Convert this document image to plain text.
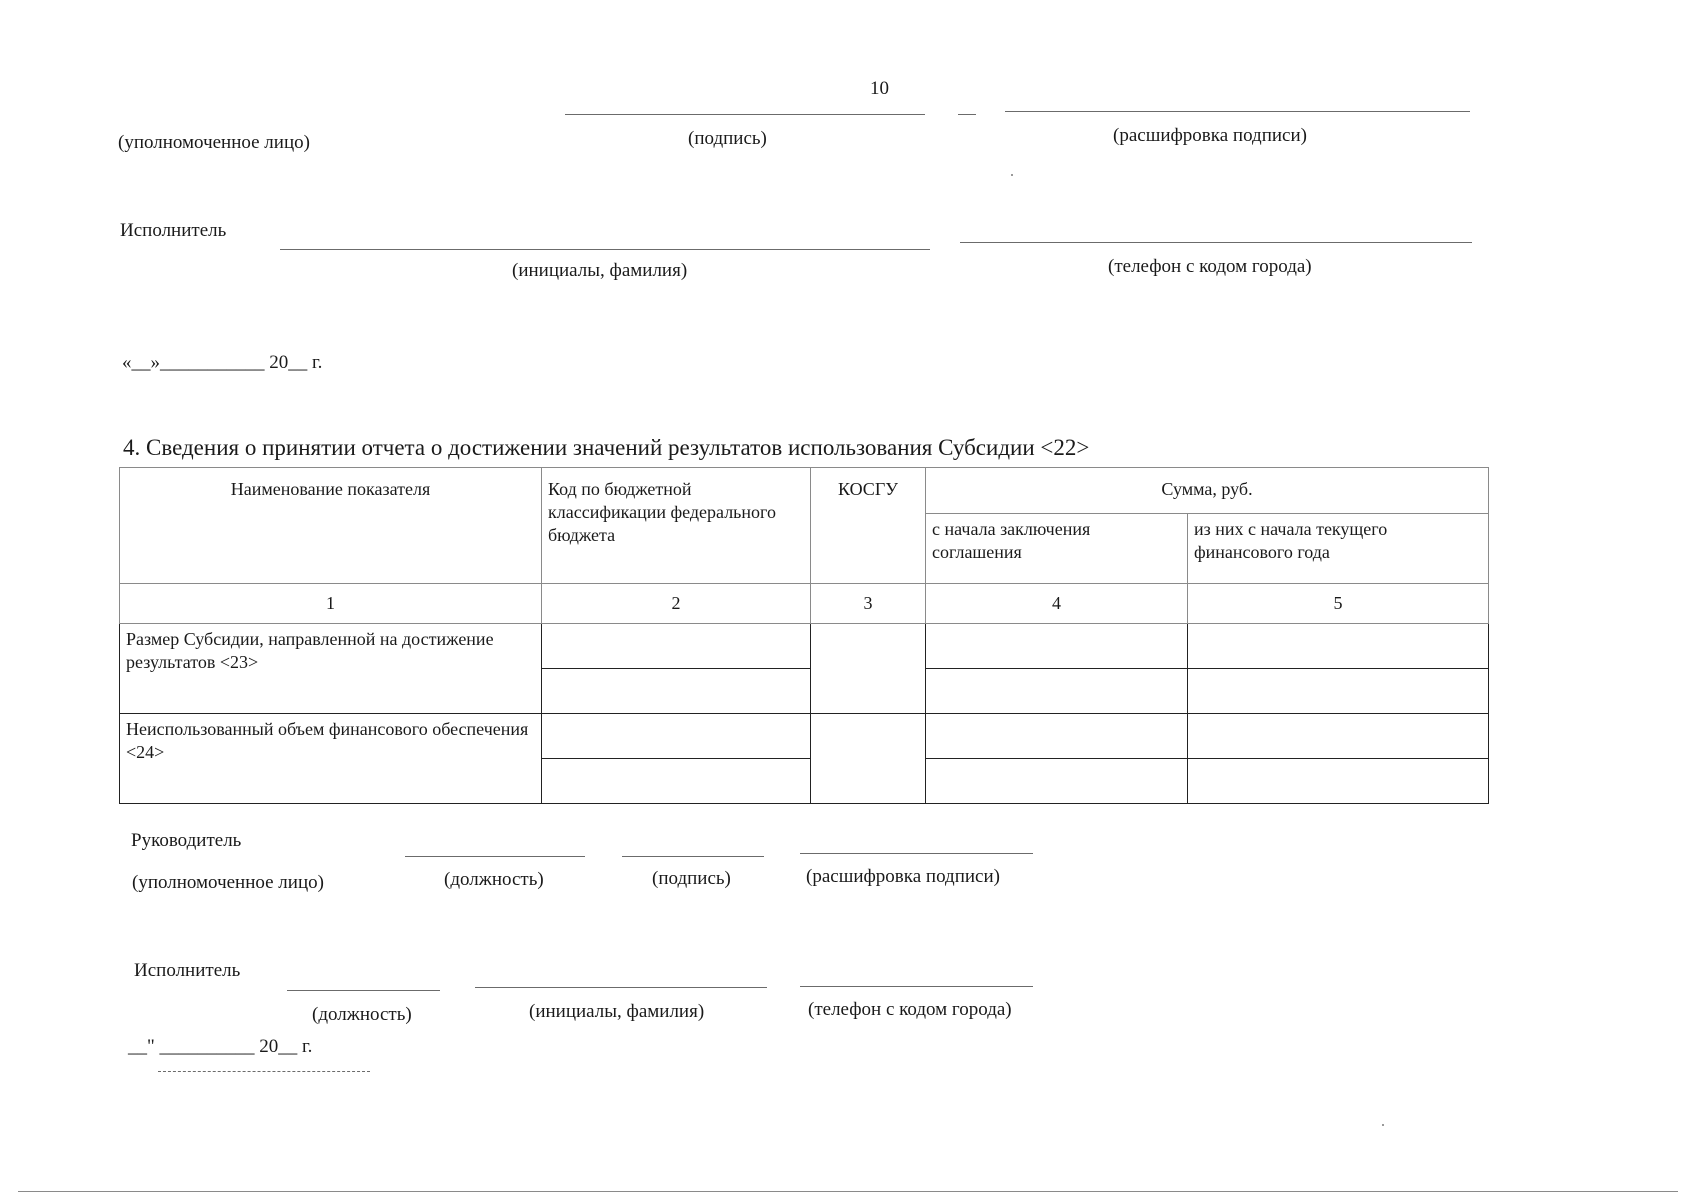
10
(уполномоченное лицо)	(подпись)	(расшифровка подписи)
Исполнитель
(инициалы, фамилия)	(телефон с кодом города)
«__»___________ 20__ г.
4. Сведения о принятии отчета о достижении значений результатов использования Субсидии <22>
Наименование показателя	Код по бюджетной классификации федерального бюджета	КОСГУ	Сумма, руб.	
			с начала заключения соглашения	из них с начала текущего финансового года
1	2	3	4	5
Размер Субсидии, направленной на достижение результатов <23>				

Неиспользованный объем финансового обеспечения <24>				

Руководитель
(уполномоченное лицо)	(должность)	(подпись)	(расшифровка подписи)
Исполнитель
(должность)	(инициалы, фамилия)	(телефон с кодом города)
__" __________ 20__ г.
